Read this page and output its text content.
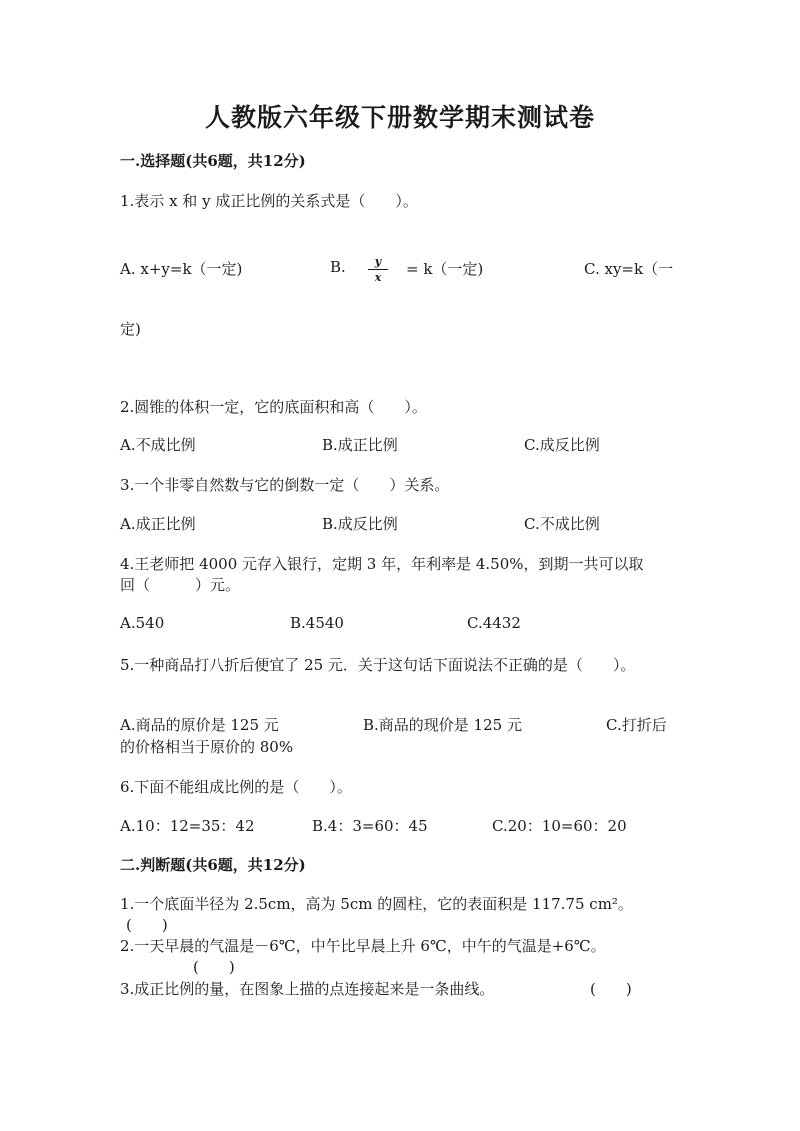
人教版六年级下册数学期末测试卷
一.选择题(共6题，共12分)
1.表示 x 和 y 成正比例的关系式是（　　）。
A. x+y=k（一定)	B. $\frac{y}{x} = k$（一定)	C. xy=k（一
定)
2.圆锥的体积一定，它的底面积和高（　　）。
A.不成比例	B.成正比例	C.成反比例
3.一个非零自然数与它的倒数一定（　　）关系。
A.成正比例	B.成反比例	C.不成比例
4.王老师把 4000 元存入银行，定期 3 年，年利率是 4.50%，到期一共可以取
回（　　　）元。
A.540	B.4540	C.4432
5.一种商品打八折后便宜了 25 元．关于这句话下面说法不正确的是（　　）。
A.商品的原价是 125 元	B.商品的现价是 125 元	C.打折后
的价格相当于原价的 80%
6.下面不能组成比例的是（　　）。
A.10：12=35：42	B.4：3=60：45	C.20：10=60：20
二.判断题(共6题，共12分)
1.一个底面半径为 2.5cm，高为 5cm 的圆柱，它的表面积是 117.75 cm²。
(　　)
2.一天早晨的气温是－6℃，中午比早晨上升 6℃，中午的气温是+6℃。
(　　)
3.成正比例的量，在图象上描的点连接起来是一条曲线。	(　　)
